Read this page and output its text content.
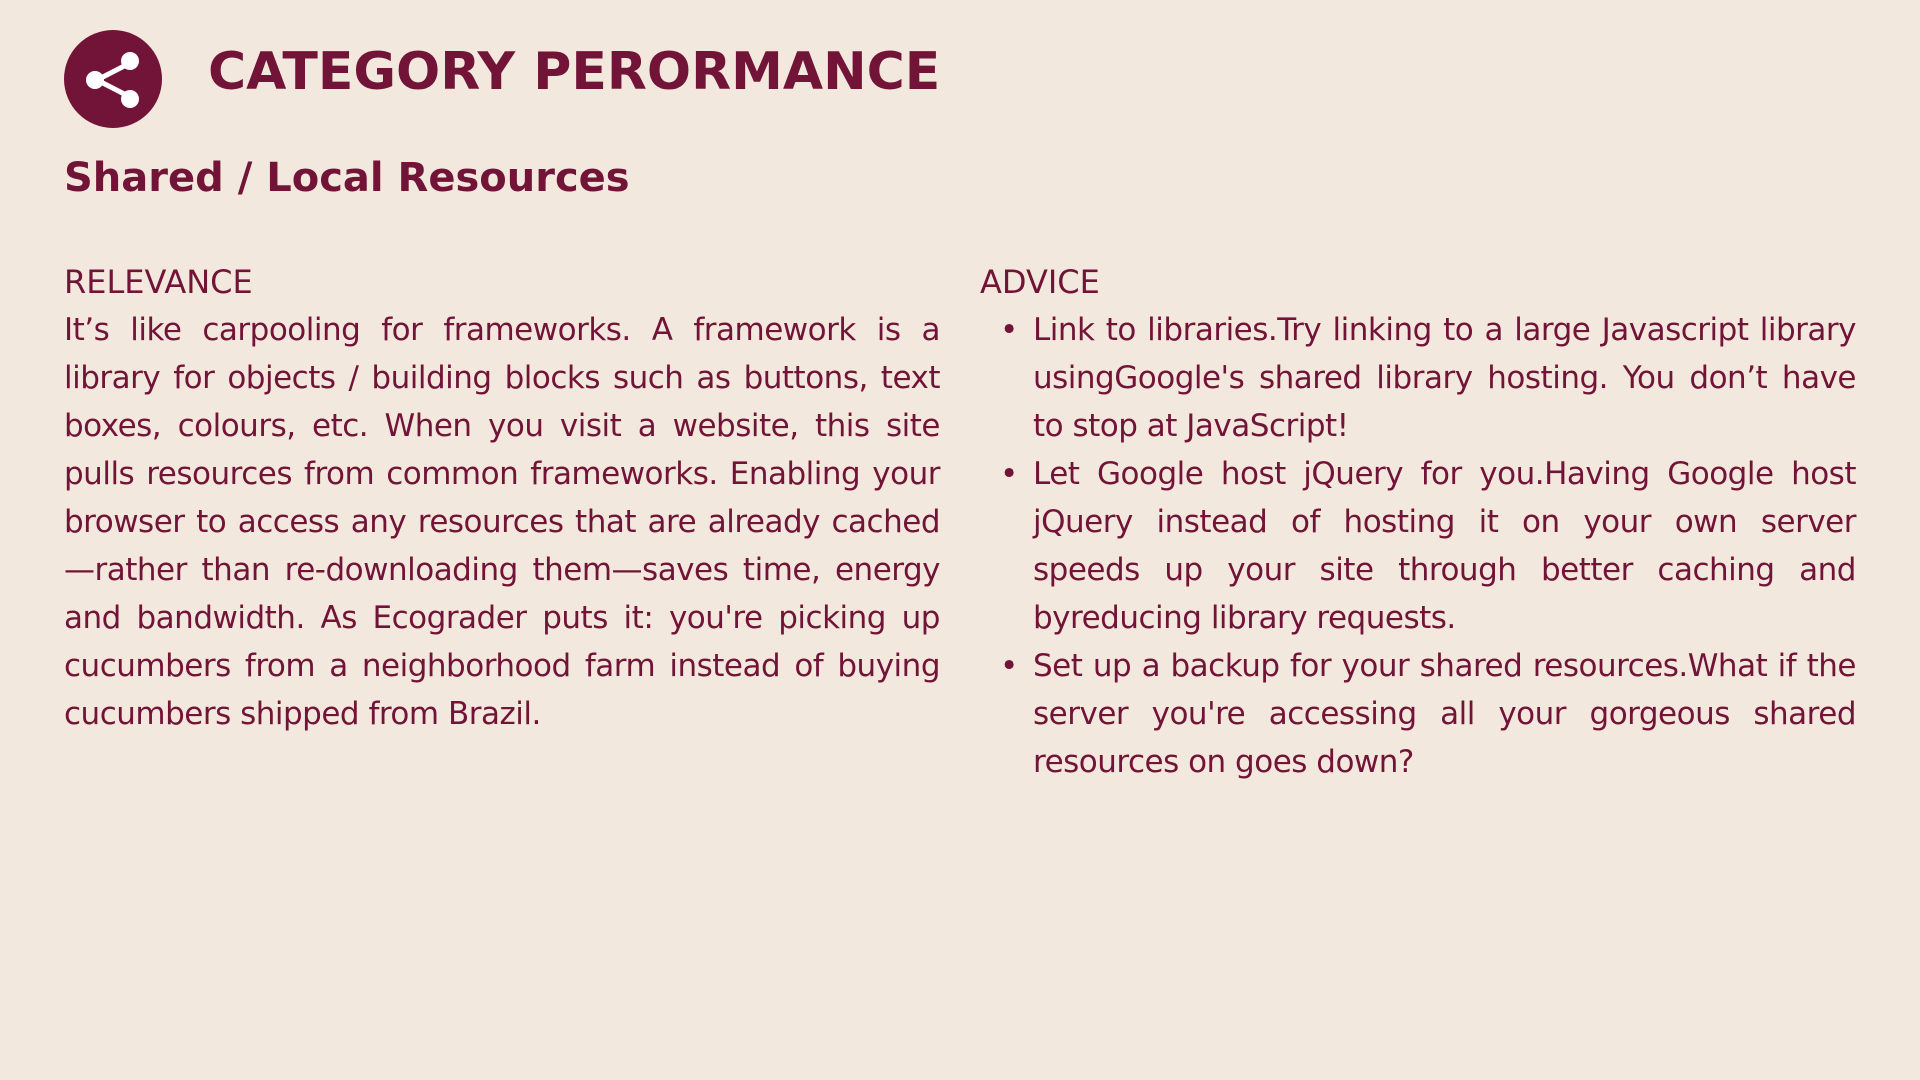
CATEGORY PERORMANCE
Shared / Local Resources
RELEVANCE

It’s like carpooling for frameworks. A framework is a library for objects / building blocks such as buttons, text boxes, colours, etc. When you visit a website, this site pulls resources from common frameworks. Enabling your browser to access any resources that are already cached—rather than re-downloading them—saves time, energy and bandwidth. As Ecograder puts it: you're picking up cucumbers from a neighborhood farm instead of buying cucumbers shipped from Brazil.

ADVICE
• Link to libraries.Try linking to a large Javascript library usingGoogle's shared library hosting. You don’t have to stop at JavaScript!
• Let Google host jQuery for you.Having Google host jQuery instead of hosting it on your own server speeds up your site through better caching and byreducing library requests.
• Set up a backup for your shared resources.What if the server you're accessing all your gorgeous shared resources on goes down?
